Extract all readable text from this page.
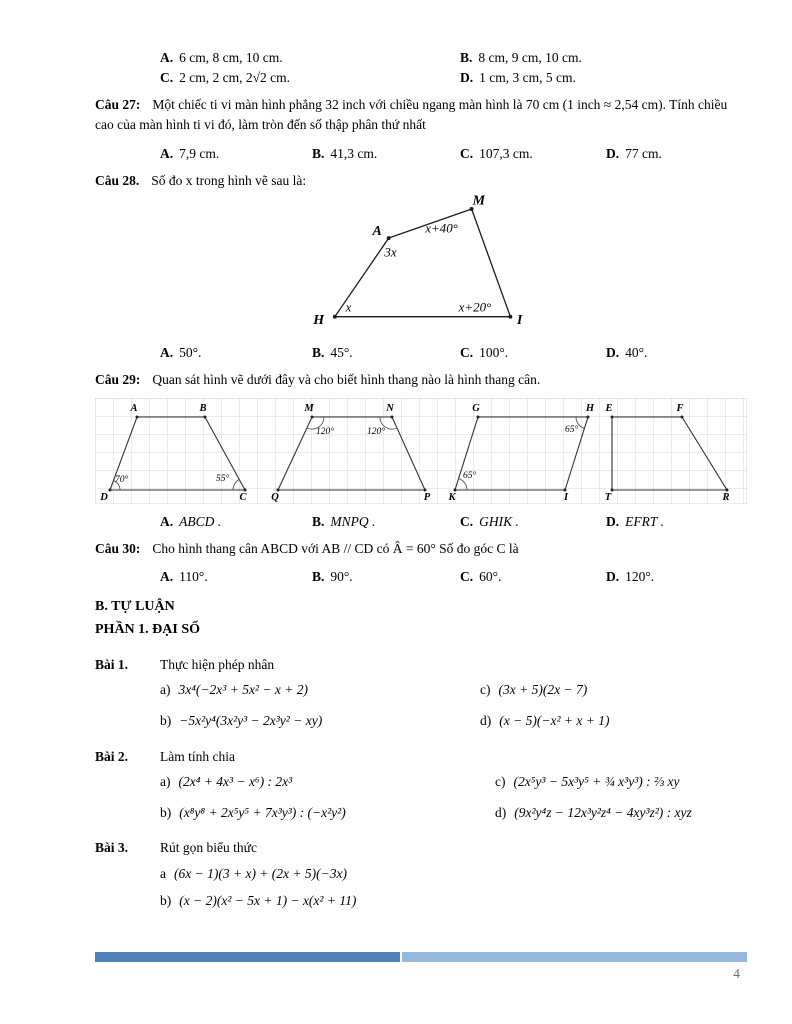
A. 6 cm, 8 cm, 10 cm.	B. 8 cm, 9 cm, 10 cm.
C. 2 cm, 2 cm, 2√2 cm.	D. 1 cm, 3 cm, 5 cm.

Câu 27: Một chiếc ti vi màn hình phẳng 32 inch với chiều ngang màn hình là 70 cm (1 inch ≈ 2,54 cm). Tính chiều cao của màn hình ti vi đó, làm tròn đến số thập phân thứ nhất

A. 7,9 cm.	B. 41,3 cm.	C. 107,3 cm.	D. 77 cm.

Câu 28. Số đo x trong hình vẽ sau là:

M
A
H	I
3x
x+40°
x	x+20°
A. 50°.	B. 45°.	C. 100°.	D. 40°.

Câu 29: Quan sát hình vẽ dưới đây và cho biết hình thang nào là hình thang cân.

A	B
D	C
70°	55°
M	N
Q	P
120°	120°
G	H
K	I
65°
65°
E	F
T	R
A. ABCD .	B. MNPQ .	C. GHIK .	D. EFRT .

Câu 30: Cho hình thang cân ABCD với AB // CD có Â = 60° Số đo góc C là

A. 110°.	B. 90°.	C. 60°.	D. 120°.
B. TỰ LUẬN
PHẦN 1. ĐẠI SỐ
Bài 1.	Thực hiện phép nhân
a) 3x⁴(−2x³ + 5x² − x + 2)	c) (3x + 5)(2x − 7)
b) −5x²y⁴(3x²y³ − 2x³y² − xy)	d) (x − 5)(−x² + x + 1)
Bài 2.	Làm tính chia
a) (2x⁴ + 4x³ − x⁶) : 2x³	c) (2x⁵y³ − 5x³y⁵ + ¾ x³y³) : ⅔ xy
b) (x⁸y⁸ + 2x⁵y⁵ + 7x³y³) : (−x²y²)	d) (9x²y⁴z − 12x³y²z⁴ − 4xy³z²) : xyz
Bài 3.	Rút gọn biểu thức
a (6x − 1)(3 + x) + (2x + 5)(−3x)
b) (x − 2)(x² − 5x + 1) − x(x² + 11)
4
